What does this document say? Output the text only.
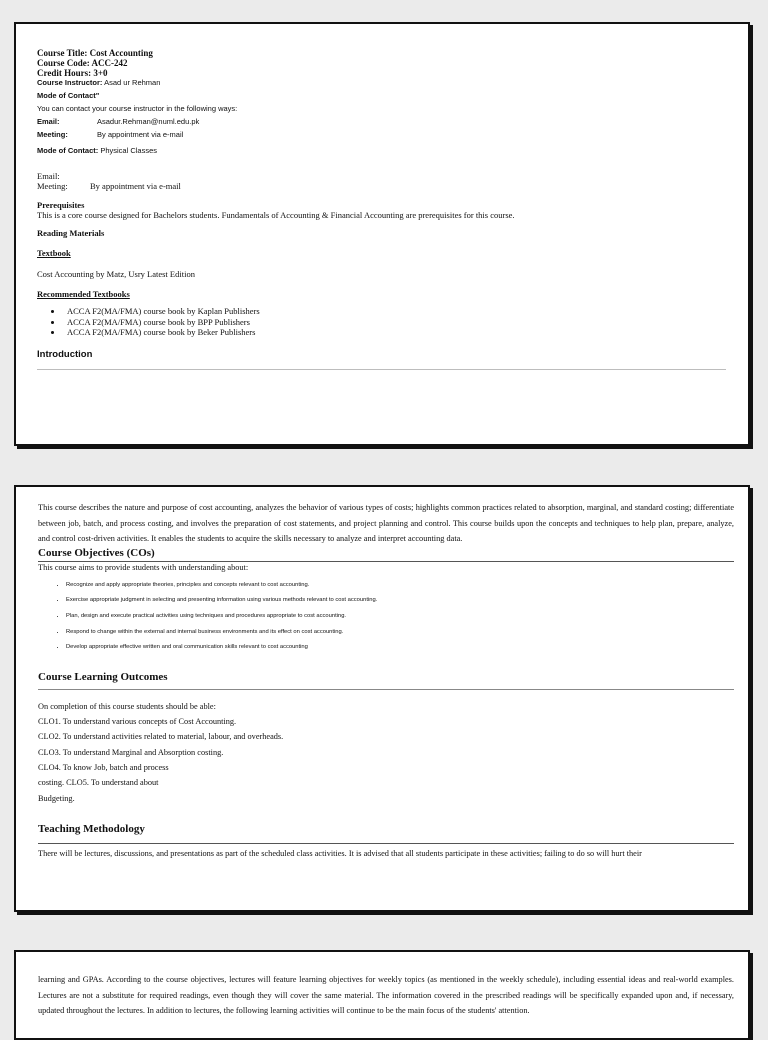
Course Title: Cost Accounting
Course Code: ACC-242
Credit Hours: 3+0
Course Instructor: Asad ur Rehman
Mode of Contact"
You can contact your course instructor in the following ways:
Email:	Asadur.Rehman@numl.edu.pk
Meeting:	By appointment via e-mail
Mode of Contact: Physical Classes
Email:
Meeting:	By appointment via e-mail
Prerequisites
This is a core course designed for Bachelors students. Fundamentals of Accounting & Financial Accounting are prerequisites for this course.
Reading Materials
Textbook
Cost Accounting by Matz, Usry Latest Edition
Recommended Textbooks
• ACCA F2(MA/FMA) course book by Kaplan Publishers
• ACCA F2(MA/FMA) course book by BPP Publishers
• ACCA F2(MA/FMA) course book by Beker Publishers
Introduction
This course describes the nature and purpose of cost accounting, analyzes the behavior of various types of costs; highlights common practices related to absorption, marginal, and standard costing; differentiate between job, batch, and process costing, and involves the preparation of cost statements, and project planning and control. This course builds upon the concepts and techniques to help plan, prepare, analyze, and control cost-driven activities. It enables the students to acquire the skills necessary to analyze and interpret accounting data.
Course Objectives (COs)
This course aims to provide students with understanding about:
• Recognize and apply appropriate theories, principles and concepts relevant to cost accounting.
• Exercise appropriate judgment in selecting and presenting information using various methods relevant to cost accounting.
• Plan, design and execute practical activities using techniques and procedures appropriate to cost accounting.
• Respond to change within the external and internal business environments and its effect on cost accounting.
• Develop appropriate effective written and oral communication skills relevant to cost accounting
Course Learning Outcomes
On completion of this course students should be able:
CLO1. To understand various concepts of Cost Accounting.
CLO2. To understand activities related to material, labour, and overheads.
CLO3. To understand Marginal and Absorption costing.
CLO4. To know Job, batch and process
costing. CLO5. To understand about
Budgeting.
Teaching Methodology
There will be lectures, discussions, and presentations as part of the scheduled class activities. It is advised that all students participate in these activities; failing to do so will hurt their
learning and GPAs. According to the course objectives, lectures will feature learning objectives for weekly topics (as mentioned in the weekly schedule), including essential ideas and real-world examples. Lectures are not a substitute for required readings, even though they will cover the same material. The information covered in the prescribed readings will be specifically expanded upon and, if necessary, updated throughout the lectures. In addition to lectures, the following learning activities will continue to be the main focus of the students' attention.
